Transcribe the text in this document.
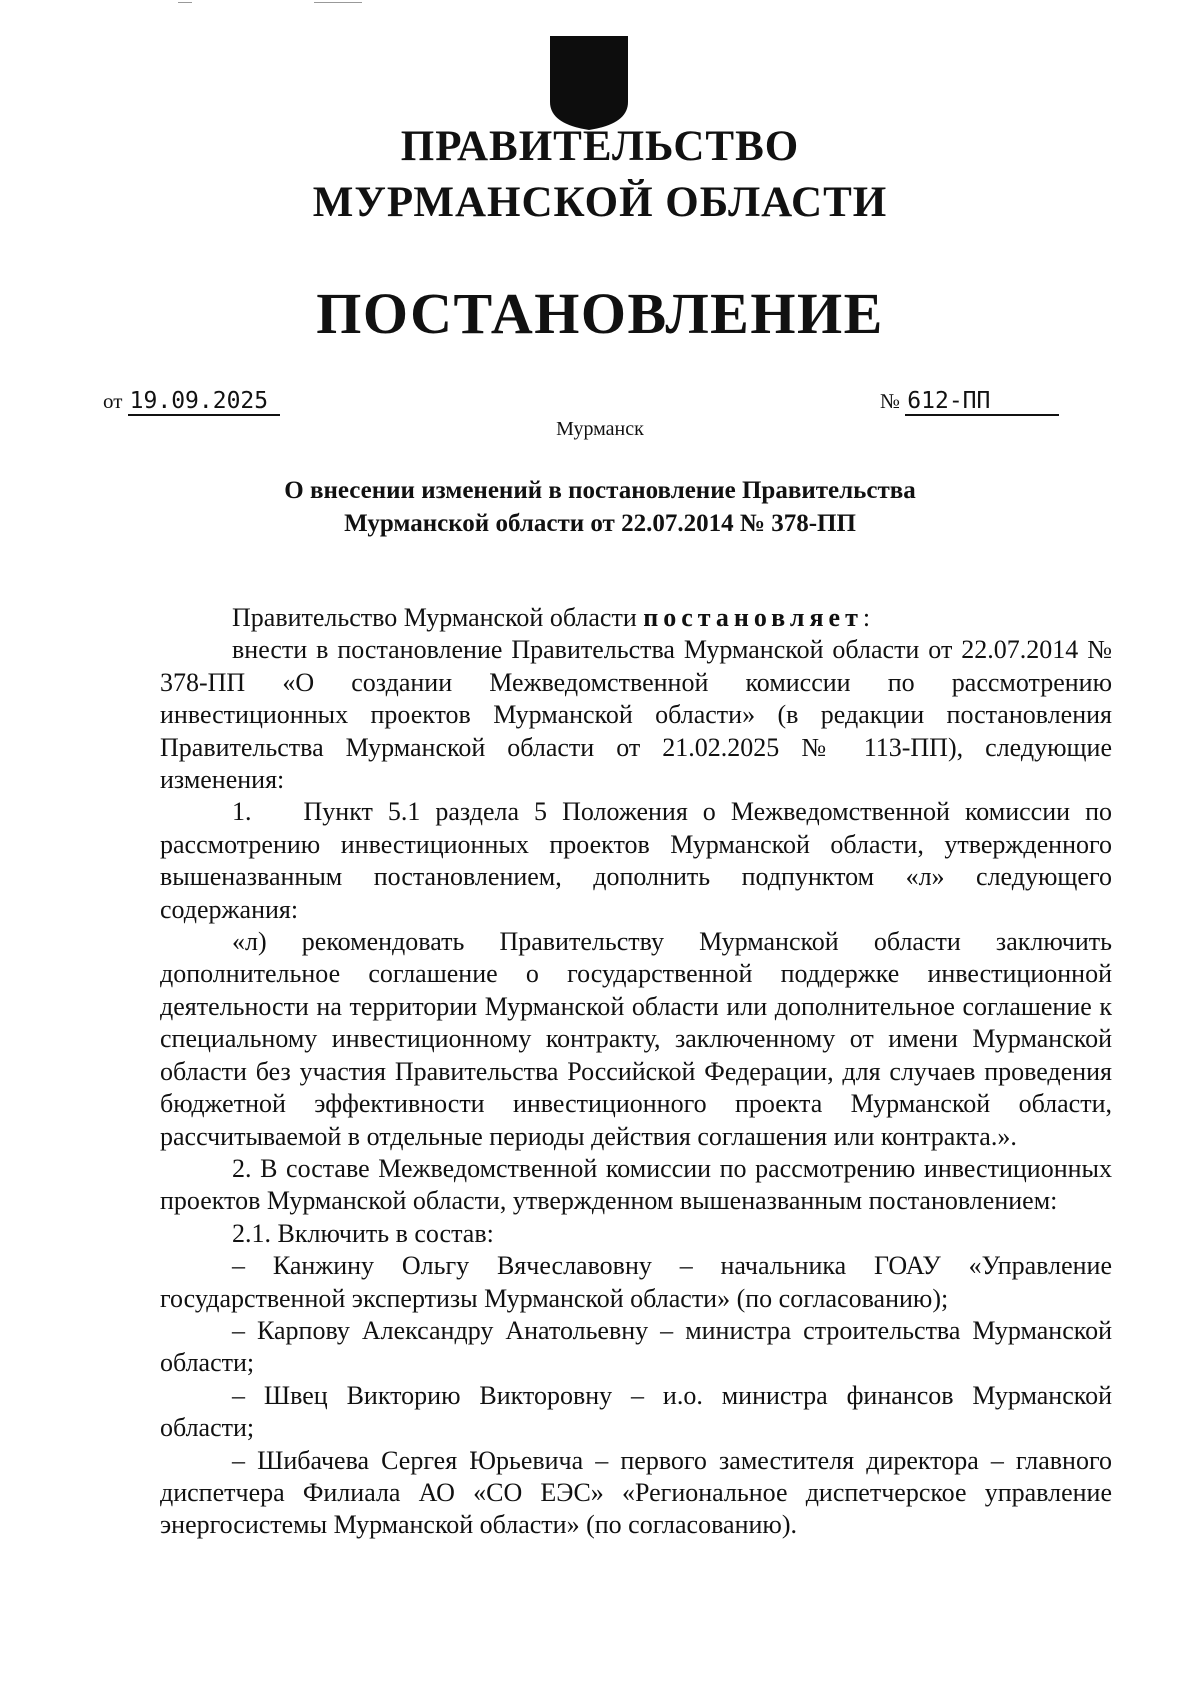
ПРАВИТЕЛЬСТВО
МУРМАНСКОЙ ОБЛАСТИ
ПОСТАНОВЛЕНИЕ
от 19.09.2025	№ 612-ПП
Мурманск
О внесении изменений в постановление Правительства
Мурманской области от 22.07.2014 № 378-ПП

Правительство Мурманской области постановляет:

внести в постановление Правительства Мурманской области от 22.07.2014 № 378-ПП «О создании Межведомственной комиссии по рассмотрению инвестиционных проектов Мурманской области» (в редакции постановления Правительства Мурманской области от 21.02.2025 № 113-ПП), следующие изменения:

1.  Пункт 5.1 раздела 5 Положения о Межведомственной комиссии по рассмотрению инвестиционных проектов Мурманской области, утвержденного вышеназванным постановлением, дополнить подпунктом «л» следующего содержания:

«л) рекомендовать Правительству Мурманской области заключить дополнительное соглашение о государственной поддержке инвестиционной деятельности на территории Мурманской области или дополнительное соглашение к специальному инвестиционному контракту, заключенному от имени Мурманской области без участия Правительства Российской Федерации, для случаев проведения бюджетной эффективности инвестиционного проекта Мурманской области, рассчитываемой в отдельные периоды действия соглашения или контракта.».

2. В составе Межведомственной комиссии по рассмотрению инвестиционных проектов Мурманской области, утвержденном вышеназванным постановлением:

2.1. Включить в состав:

– Канжину Ольгу Вячеславовну – начальника ГОАУ «Управление государственной экспертизы Мурманской области» (по согласованию);

– Карпову Александру Анатольевну – министра строительства Мурманской области;

– Швец Викторию Викторовну – и.о. министра финансов Мурманской области;

– Шибачева Сергея Юрьевича – первого заместителя директора – главного диспетчера Филиала АО «СО ЕЭС» «Региональное диспетчерское управление энергосистемы Мурманской области» (по согласованию).
